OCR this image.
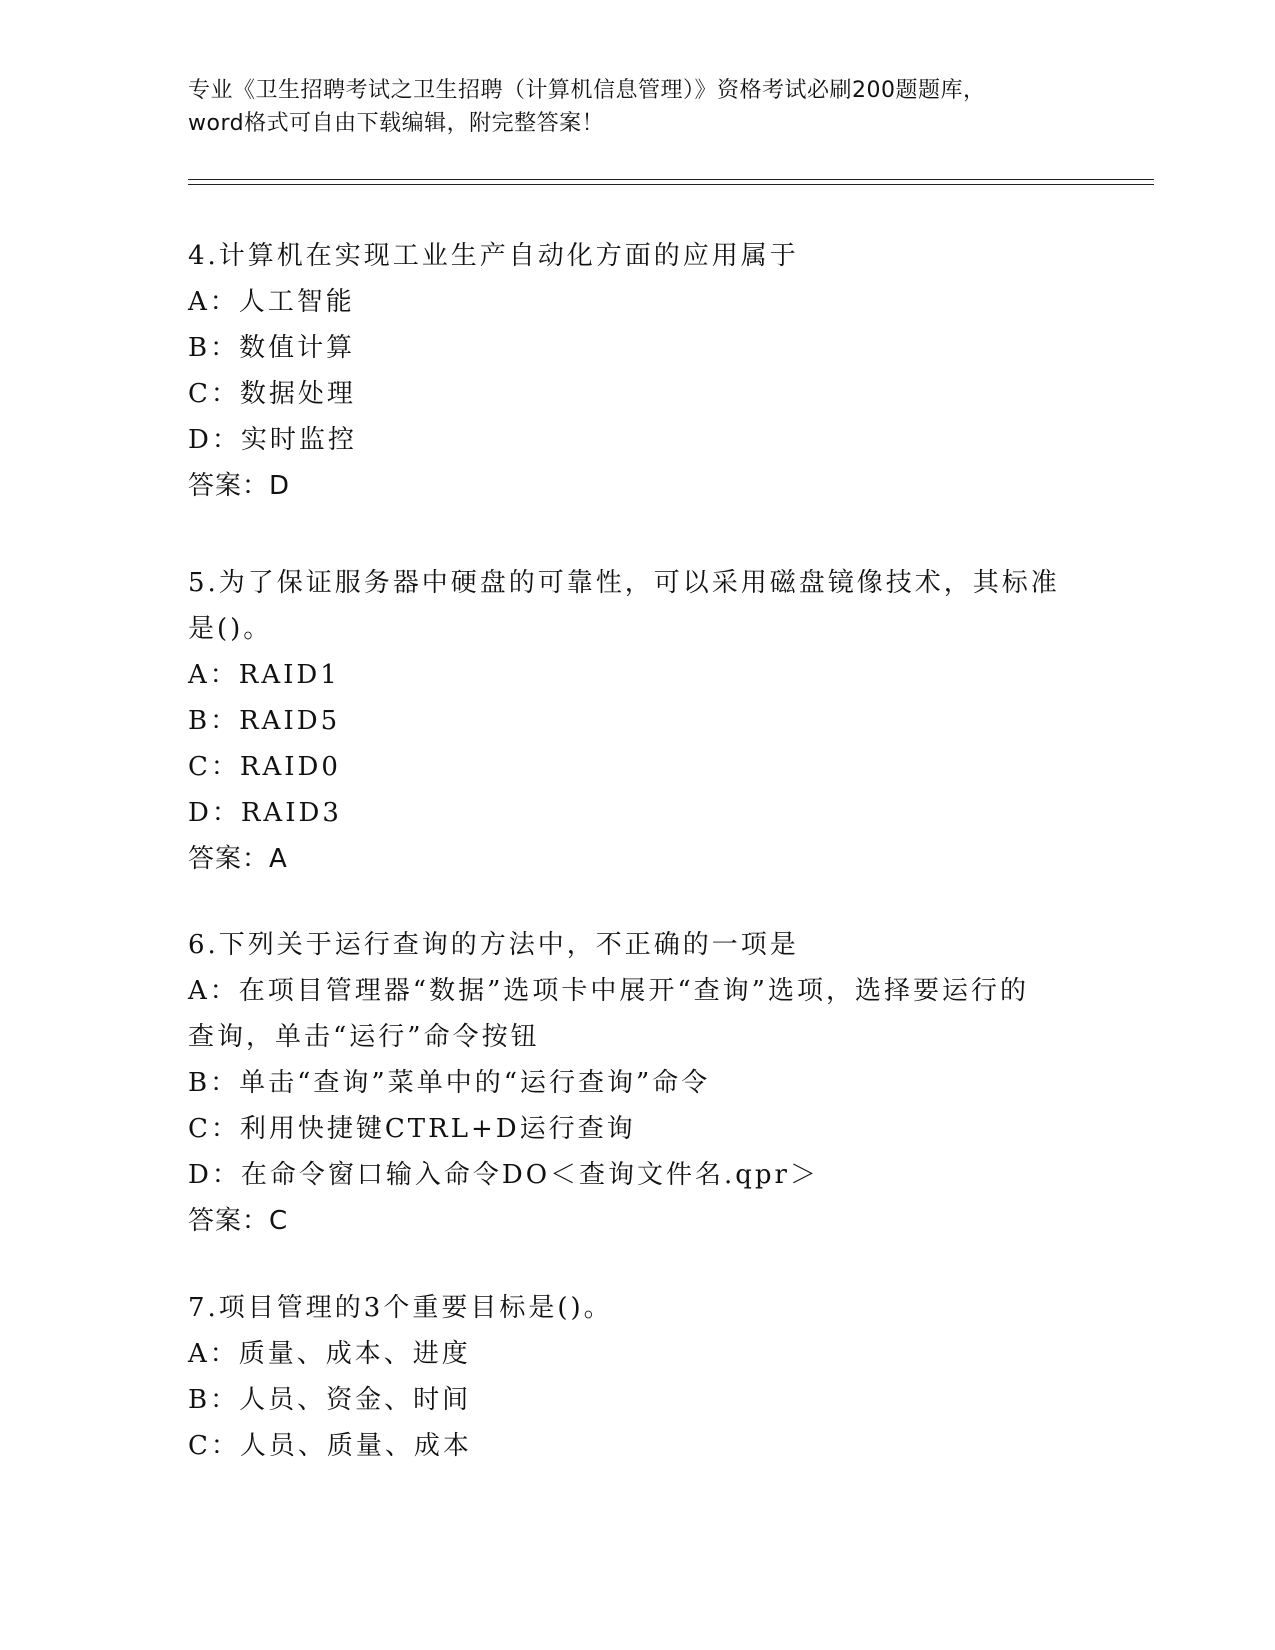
专业《卫生招聘考试之卫生招聘（计算机信息管理）》资格考试必刷200题题库，
word格式可自由下载编辑，附完整答案！
4.计算机在实现工业生产自动化方面的应用属于
A：人工智能
B：数值计算
C：数据处理
D：实时监控
答案：D
5.为了保证服务器中硬盘的可靠性，可以采用磁盘镜像技术，其标准
是()。
A：RAID1
B：RAID5
C：RAID0
D：RAID3
答案：A
6.下列关于运行查询的方法中，不正确的一项是
A：在项目管理器“数据”选项卡中展开“查询”选项，选择要运行的
查询，单击“运行”命令按钮
B：单击“查询”菜单中的“运行查询”命令
C：利用快捷键CTRL+D运行查询
D：在命令窗口输入命令DO＜查询文件名.qpr＞
答案：C
7.项目管理的3个重要目标是()。
A：质量、成本、进度
B：人员、资金、时间
C：人员、质量、成本
